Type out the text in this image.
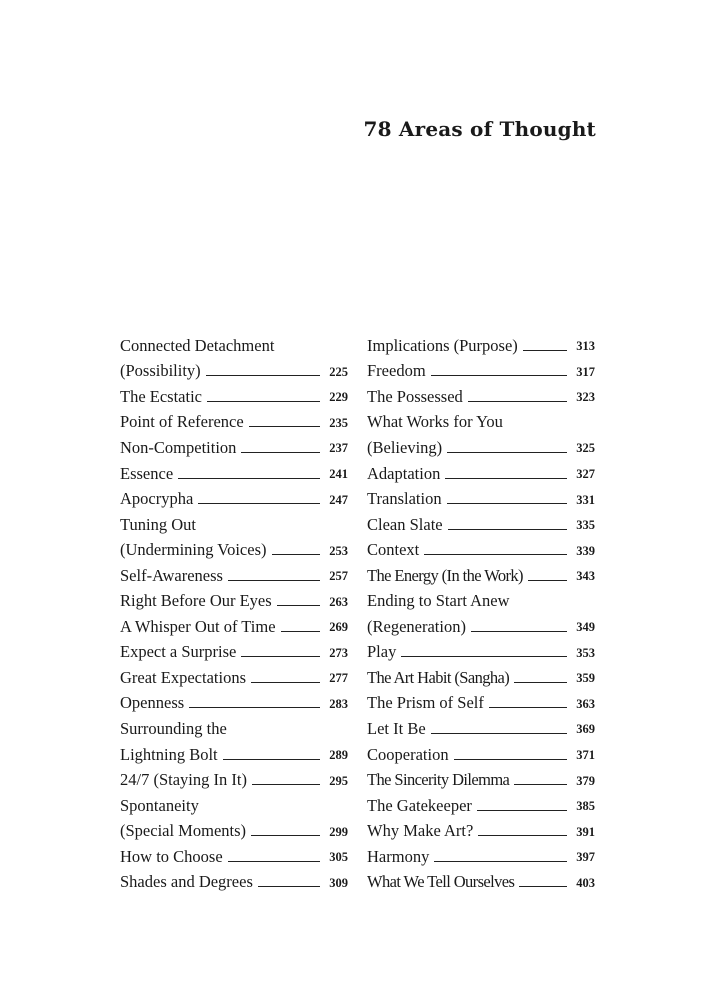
78 Areas of Thought
Connected Detachment
(Possibility)	225
The Ecstatic	229
Point of Reference	235
Non-Competition	237
Essence	241
Apocrypha	247
Tuning Out
(Undermining Voices)	253
Self-Awareness	257
Right Before Our Eyes	263
A Whisper Out of Time	269
Expect a Surprise	273
Great Expectations	277
Openness	283
Surrounding the
Lightning Bolt	289
24/7 (Staying In It)	295
Spontaneity
(Special Moments)	299
How to Choose	305
Shades and Degrees	309
Implications (Purpose)	313
Freedom	317
The Possessed	323
What Works for You
(Believing)	325
Adaptation	327
Translation	331
Clean Slate	335
Context	339
The Energy (In the Work)	343
Ending to Start Anew
(Regeneration)	349
Play	353
The Art Habit (Sangha)	359
The Prism of Self	363
Let It Be	369
Cooperation	371
The Sincerity Dilemma	379
The Gatekeeper	385
Why Make Art?	391
Harmony	397
What We Tell Ourselves	403
